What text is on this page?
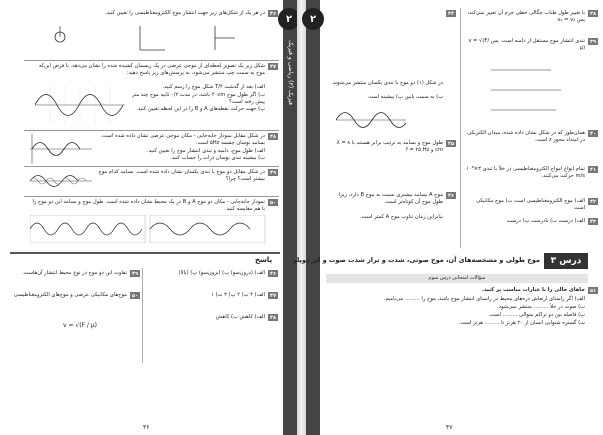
فیزیک (۳) ریاضی و فیزیک
۲
۴۶
در هر یک از شکل‌های زیر جهت انتشار موج الکترومغناطیسی را تعیین کنید.
۴۷
شکل زیر یک تصویر لحظه‌ای از موجی عرضی در یک ریسمان کشیده شده را نشان می‌دهد. با فرض این‌که موج به سمت چپ منتشر می‌شود، به پرسش‌های زیر پاسخ دهید:
الف) بعد از گذشت T/۴ شکل موج را رسم کنید.
ب) اگر طول موج ۴۰cm باشد، در مدت ۰/۲ ثانیه موج چند متر پیش رفته است؟
پ) جهت حرکت نقطه‌های A و B را در این لحظه تعیین کنید.
۴۸
در شکل مقابل نمودار جابه‌جایی - مکان موجی عرضی نشان داده شده است. بسامد نوسان چشمه ۵Hz است.
الف) طول موج، دامنه و تندی انتشار موج را تعیین کنید.
ب) بیشینه تندی نوسان ذرات را حساب کنید.
۴۹
در شکل مقابل دو موج با تندی یکسان نشان داده شده است. بسامد کدام موج بیشتر است؟ چرا؟
۵۰
نمودار جابه‌جایی - مکان دو موج A و B در یک محیط نشان داده شده است. طول موج و بسامد این دو موج را با هم مقایسه کنید.
پاسخ
۴۶
الف) (درون‌سو) ب) (برون‌سو) پ) (بالا)
۴۷
الف) ۴ ب) ۲ پ) ۳ ت) ۱
۴۸
الف) کاهش ب) کاهش
۴۹
تفاوت این دو موج در نوع محیط انتشار آن‌هاست.
۵۰
موج‌های مکانیکی عرضی و موج‌های الکترومغناطیسی
v = √(F / μ)
۴۶
۲	۳۸
با تغییر طول طناب چگالی خطی جرم آن تغییر نمی‌کند، پس v₁ = v₂
۳۹
تندی انتشار موج مستقل از دامنه است. پس v = √(F/μ)
۴۰
همان‌طور که در شکل نشان داده شده، میدان الکتریکی در امتداد محور z است.
۴۱
تمام انواع امواج الکترومغناطیسی در خلأ با تندی ۳×۱۰⁸ m/s حرکت می‌کنند.
۴۲
الف) موج الکترومغناطیسی است ب) موج مکانیکی است
۴۳
الف) درست ب) نادرست پ) درست
۴۴
در شکل (۱) دو موج با تندی یکسان منتشر می‌شوند.
ب) به سمت پایین پ) بیشینه است
۴۵
طول موج و بسامد به ترتیب برابر هستند با λ = ۸ cm و f = ۲۵ Hz
۴۶
موج A بسامد بیشتری نسبت به موج B دارد، زیرا طول موج آن کوتاه‌تر است.
بنابراین زمان تناوب موج A کمتر است.
درس ۳
موج طولی و مشخصه‌های آن، موج صوتی، شدت و تراز شدت صوت و اثر دوپلر
سؤالات امتحانی درس سوم
۵۱
جاهای خالی را با عبارات مناسب پر کنید.
الف) اگر راستای ارتعاش ذره‌های محیط در راستای انتشار موج باشد، موج را ......... می‌نامیم.
ب) صوت در خلأ ......... منتشر نمی‌شود.
پ) فاصله بین دو تراکم متوالی ......... است.
ت) گستره شنوایی انسان از ۲۰ هرتز تا ......... هرتز است.
۴۷
